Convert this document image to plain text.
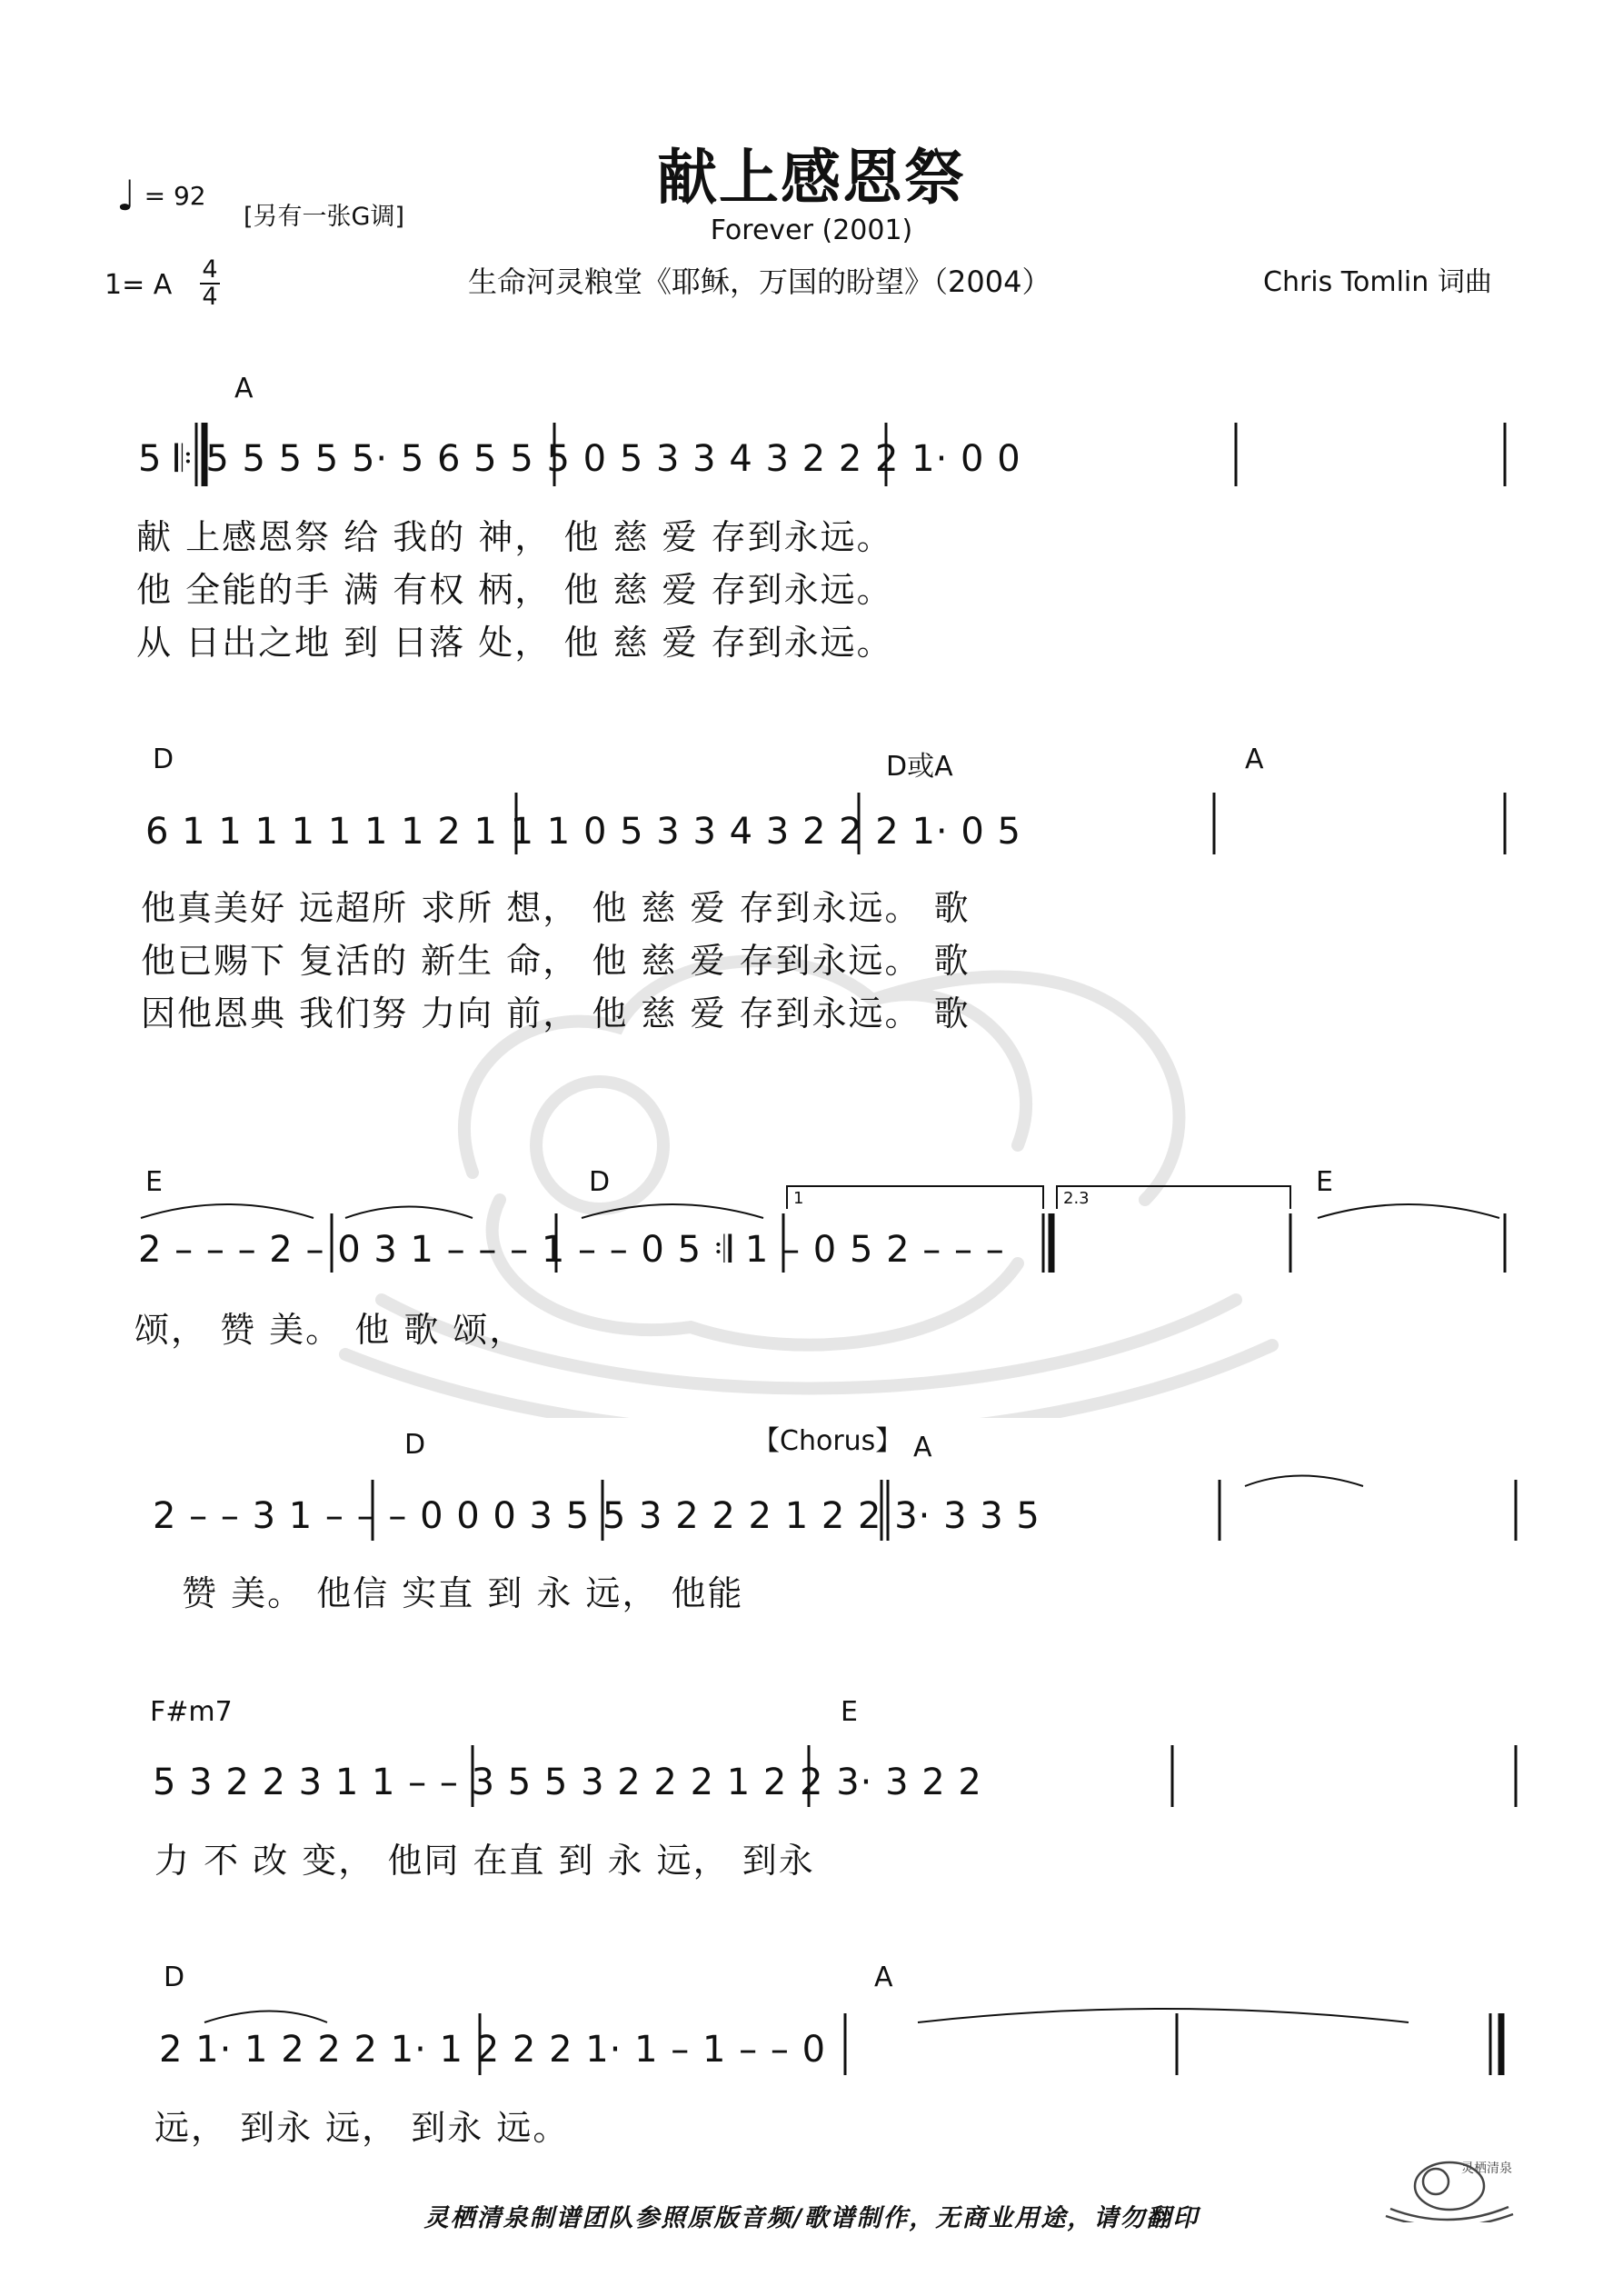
♩ = 92
[另有一张G调]
献上感恩祭
Forever (2001)
1= A 4
4	生命河灵粮堂《耶稣，万国的盼望》（2004）	Chris Tomlin 词曲
A
5 𝄆 5 5 5 5 5· 5 6 5 5 5 0 5 3 3 4 3 2 2 2 1· 0 0
献 上感恩祭 给 我的 神， 他 慈 爱 存到永远。
他 全能的手 满 有权 柄， 他 慈 爱 存到永远。
从 日出之地 到 日落 处， 他 慈 爱 存到永远。
D	D或A	A
6 1 1 1 1 1 1 1 2 1 1 1 0 5 3 3 4 3 2 2 2 1· 0 5
他真美好 远超所 求所 想， 他 慈 爱 存到永远。 歌
他已赐下 复活的 新生 命， 他 慈 爱 存到永远。 歌
因他恩典 我们努 力向 前， 他 慈 爱 存到永远。 歌
E	D	E
1	2.3
2 – – – 2 – 0 3 1 – – – 1 – – 0 5 𝄇 1 – 0 5 2 – – –
颂， 赞 美。 他 歌 颂，
D	【Chorus】 A
2 – – 3 1 – – – 0 0 0 3 5 5 3 2 2 2 1 2 2 3· 3 3 5
赞 美。 他信 实直 到 永 远， 他能
F#m7	E
5 3 2 2 3 1 1 – – 3 5 5 3 2 2 2 1 2 2 3· 3 2 2
力 不 改 变， 他同 在直 到 永 远， 到永
D	A
2 1· 1 2 2 2 1· 1 2 2 2 1· 1 – 1 – – 0
远， 到永 远， 到永 远。
灵栖清泉制谱团队参照原版音频/歌谱制作，无商业用途，请勿翻印
灵栖清泉
